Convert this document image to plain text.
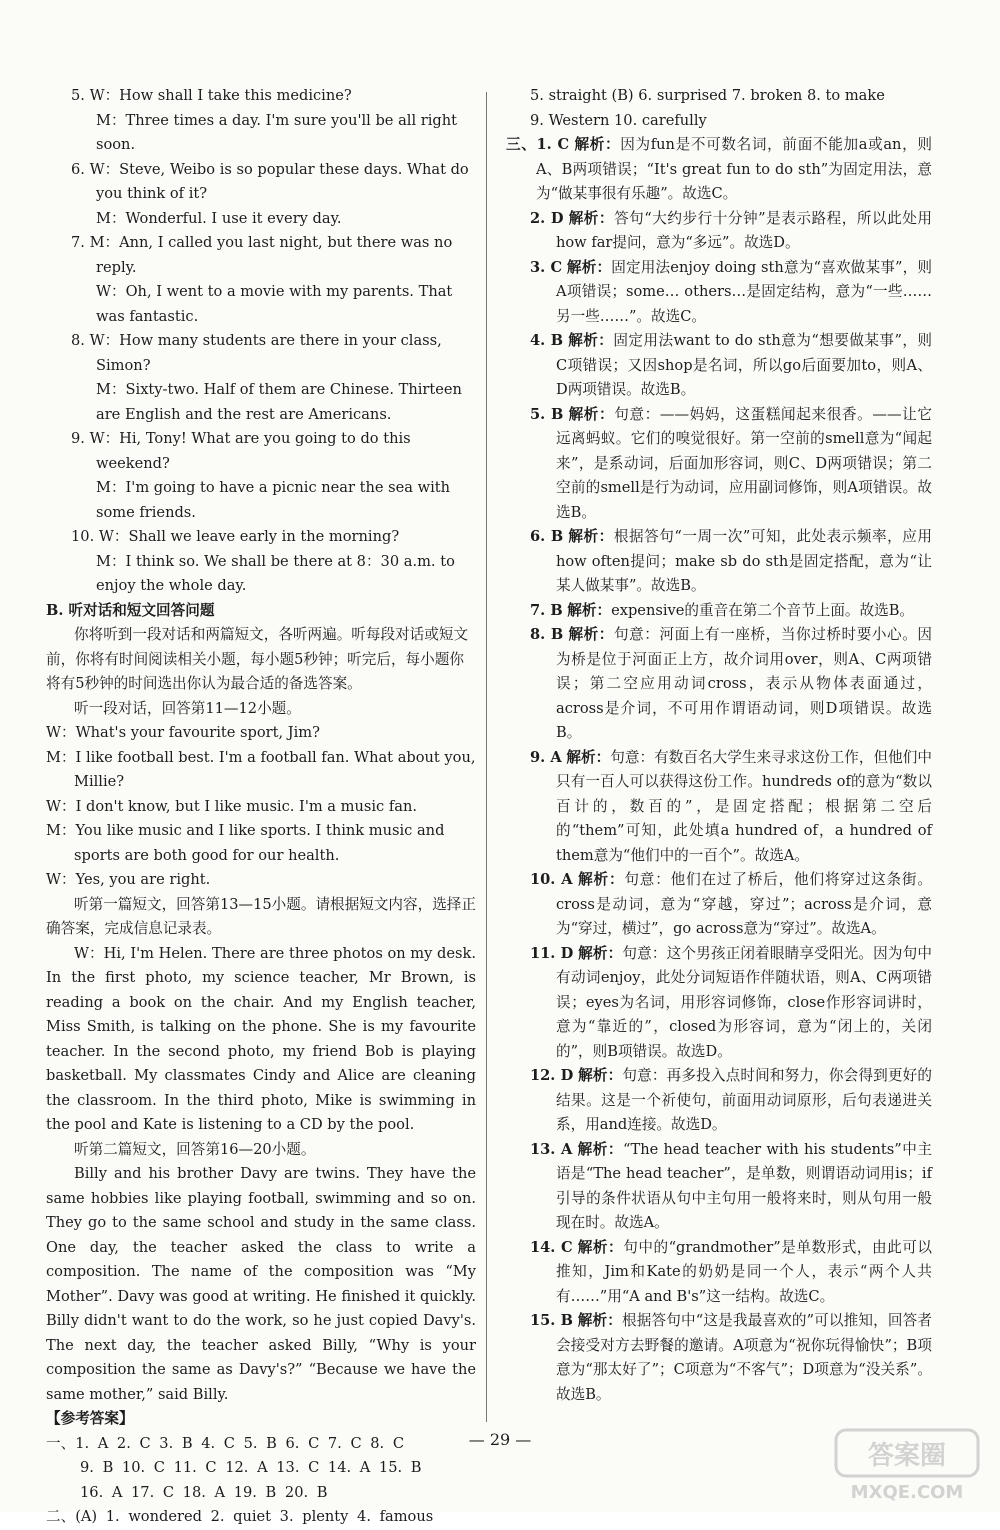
5. W：How shall I take this medicine?

M：Three times a day. I'm sure you'll be all right soon.

6. W：Steve, Weibo is so popular these days. What do you think of it?

M：Wonderful. I use it every day.

7. M：Ann, I called you last night, but there was no reply.

W：Oh, I went to a movie with my parents. That was fantastic.

8. W：How many students are there in your class, Simon?

M：Sixty-two. Half of them are Chinese. Thirteen are English and the rest are Americans.

9. W：Hi, Tony! What are you going to do this weekend?

M：I'm going to have a picnic near the sea with some friends.

10. W：Shall we leave early in the morning?

M：I think so. We shall be there at 8：30 a.m. to enjoy the whole day.

B. 听对话和短文回答问题

你将听到一段对话和两篇短文，各听两遍。听每段对话或短文前，你将有时间阅读相关小题，每小题5秒钟；听完后，每小题你将有5秒钟的时间选出你认为最合适的备选答案。

听一段对话，回答第11—12小题。

W：What's your favourite sport, Jim?

M：I like football best. I'm a football fan. What about you, Millie?

W：I don't know, but I like music. I'm a music fan.

M：You like music and I like sports. I think music and sports are both good for our health.

W：Yes, you are right.

听第一篇短文，回答第13—15小题。请根据短文内容，选择正确答案，完成信息记录表。

W：Hi, I'm Helen. There are three photos on my desk. In the first photo, my science teacher, Mr Brown, is reading a book on the chair. And my English teacher, Miss Smith, is talking on the phone. She is my favourite teacher. In the second photo, my friend Bob is playing basketball. My classmates Cindy and Alice are cleaning the classroom. In the third photo, Mike is swimming in the pool and Kate is listening to a CD by the pool.

听第二篇短文，回答第16—20小题。

Billy and his brother Davy are twins. They have the same hobbies like playing football, swimming and so on. They go to the same school and study in the same class. One day, the teacher asked the class to write a composition. The name of the composition was “My Mother”. Davy was good at writing. He finished it quickly. Billy didn't want to do the work, so he just copied Davy's. The next day, the teacher asked Billy, “Why is your composition the same as Davy's?” “Because we have the same mother,” said Billy.

【参考答案】

一、1. A 2. C 3. B 4. C 5. B 6. C 7. C 8. C

9. B 10. C 11. C 12. A 13. C 14. A 15. B

16. A 17. C 18. A 19. B 20. B

二、(A) 1. wondered 2. quiet 3. plenty 4. famous

5. straight (B) 6. surprised 7. broken 8. to make

9. Western 10. carefully

三、1. C 解析：因为fun是不可数名词，前面不能加a或an，则A、B两项错误；“It's great fun to do sth”为固定用法，意为“做某事很有乐趣”。故选C。

2. D 解析：答句“大约步行十分钟”是表示路程，所以此处用how far提问，意为“多远”。故选D。

3. C 解析：固定用法enjoy doing sth意为“喜欢做某事”，则A项错误；some… others…是固定结构，意为“一些……另一些……”。故选C。

4. B 解析：固定用法want to do sth意为“想要做某事”，则C项错误；又因shop是名词，所以go后面要加to，则A、D两项错误。故选B。

5. B 解析：句意：——妈妈，这蛋糕闻起来很香。——让它远离蚂蚁。它们的嗅觉很好。第一空前的smell意为“闻起来”，是系动词，后面加形容词，则C、D两项错误；第二空前的smell是行为动词，应用副词修饰，则A项错误。故选B。

6. B 解析：根据答句“一周一次”可知，此处表示频率，应用how often提问；make sb do sth是固定搭配，意为“让某人做某事”。故选B。

7. B 解析：expensive的重音在第二个音节上面。故选B。

8. B 解析：句意：河面上有一座桥，当你过桥时要小心。因为桥是位于河面正上方，故介词用over，则A、C两项错误；第二空应用动词cross，表示从物体表面通过，across是介词，不可用作谓语动词，则D项错误。故选B。

9. A 解析：句意：有数百名大学生来寻求这份工作，但他们中只有一百人可以获得这份工作。hundreds of的意为“数以百计的，数百的”，是固定搭配；根据第二空后的“them”可知，此处填a hundred of，a hundred of them意为“他们中的一百个”。故选A。

10. A 解析：句意：他们在过了桥后，他们将穿过这条街。cross是动词，意为“穿越，穿过”；across是介词，意为“穿过，横过”，go across意为“穿过”。故选A。

11. D 解析：句意：这个男孩正闭着眼睛享受阳光。因为句中有动词enjoy，此处分词短语作伴随状语，则A、C两项错误；eyes为名词，用形容词修饰，close作形容词讲时，意为“靠近的”，closed为形容词，意为“闭上的，关闭的”，则B项错误。故选D。

12. D 解析：句意：再多投入点时间和努力，你会得到更好的结果。这是一个祈使句，前面用动词原形，后句表递进关系，用and连接。故选D。

13. A 解析：“The head teacher with his students”中主语是“The head teacher”，是单数，则谓语动词用is；if引导的条件状语从句中主句用一般将来时，则从句用一般现在时。故选A。

14. C 解析：句中的“grandmother”是单数形式，由此可以推知，Jim和Kate的奶奶是同一个人，表示“两个人共有……”用“A and B's”这一结构。故选C。

15. B 解析：根据答句中“这是我最喜欢的”可以推知，回答者会接受对方去野餐的邀请。A项意为“祝你玩得愉快”；B项意为“那太好了”；C项意为“不客气”；D项意为“没关系”。故选B。

— 29 —
答案圈
MXQE.COM
